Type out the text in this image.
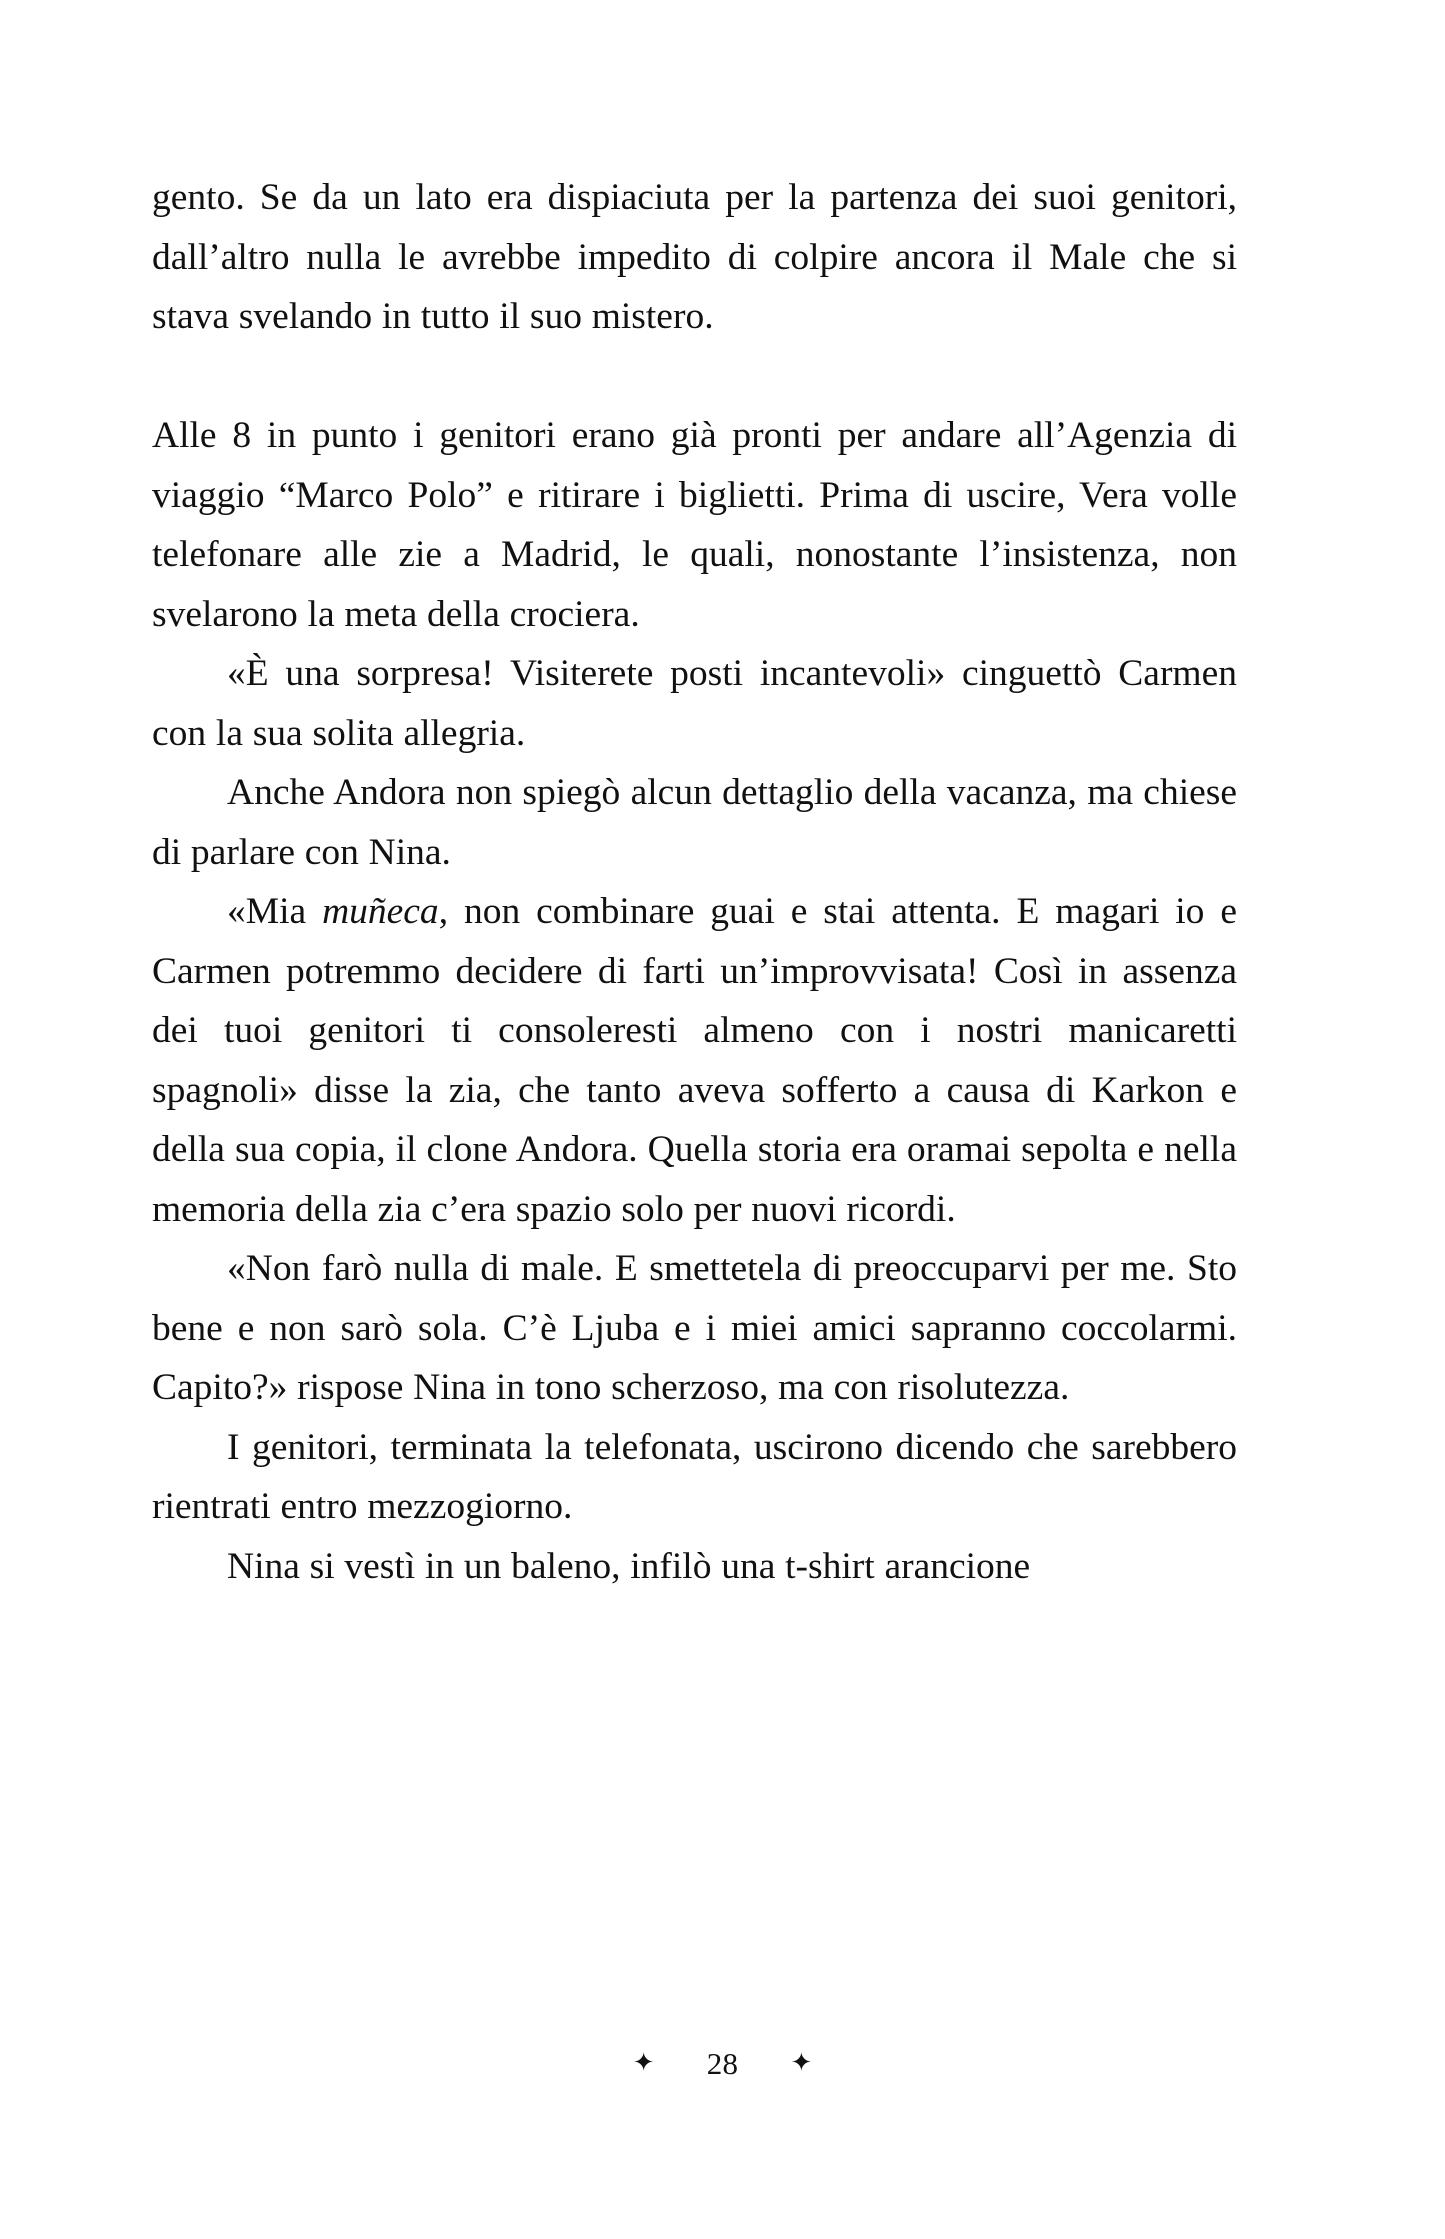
gento. Se da un lato era dispiaciuta per la partenza dei suoi genitori, dall’altro nulla le avrebbe impedito di colpire ancora il Male che si stava svelando in tutto il suo mistero.

Alle 8 in punto i genitori erano già pronti per andare all’Agenzia di viaggio “Marco Polo” e ritirare i biglietti. Prima di uscire, Vera volle telefonare alle zie a Madrid, le quali, nonostante l’insistenza, non svelarono la meta della crociera.

«È una sorpresa! Visiterete posti incantevoli» cinguettò Carmen con la sua solita allegria.

Anche Andora non spiegò alcun dettaglio della vacanza, ma chiese di parlare con Nina.

«Mia muñeca, non combinare guai e stai attenta. E magari io e Carmen potremmo decidere di farti un’improvvisata! Così in assenza dei tuoi genitori ti consoleresti almeno con i nostri manicaretti spagnoli» disse la zia, che tanto aveva sofferto a causa di Karkon e della sua copia, il clone Andora. Quella storia era oramai sepolta e nella memoria della zia c’era spazio solo per nuovi ricordi.

«Non farò nulla di male. E smettetela di preoccuparvi per me. Sto bene e non sarò sola. C’è Ljuba e i miei amici sapranno coccolarmi. Capito?» rispose Nina in tono scherzoso, ma con risolutezza.

I genitori, terminata la telefonata, uscirono dicendo che sarebbero rientrati entro mezzogiorno.

Nina si vestì in un baleno, infilò una t-shirt arancione

✦ 28 ✦
